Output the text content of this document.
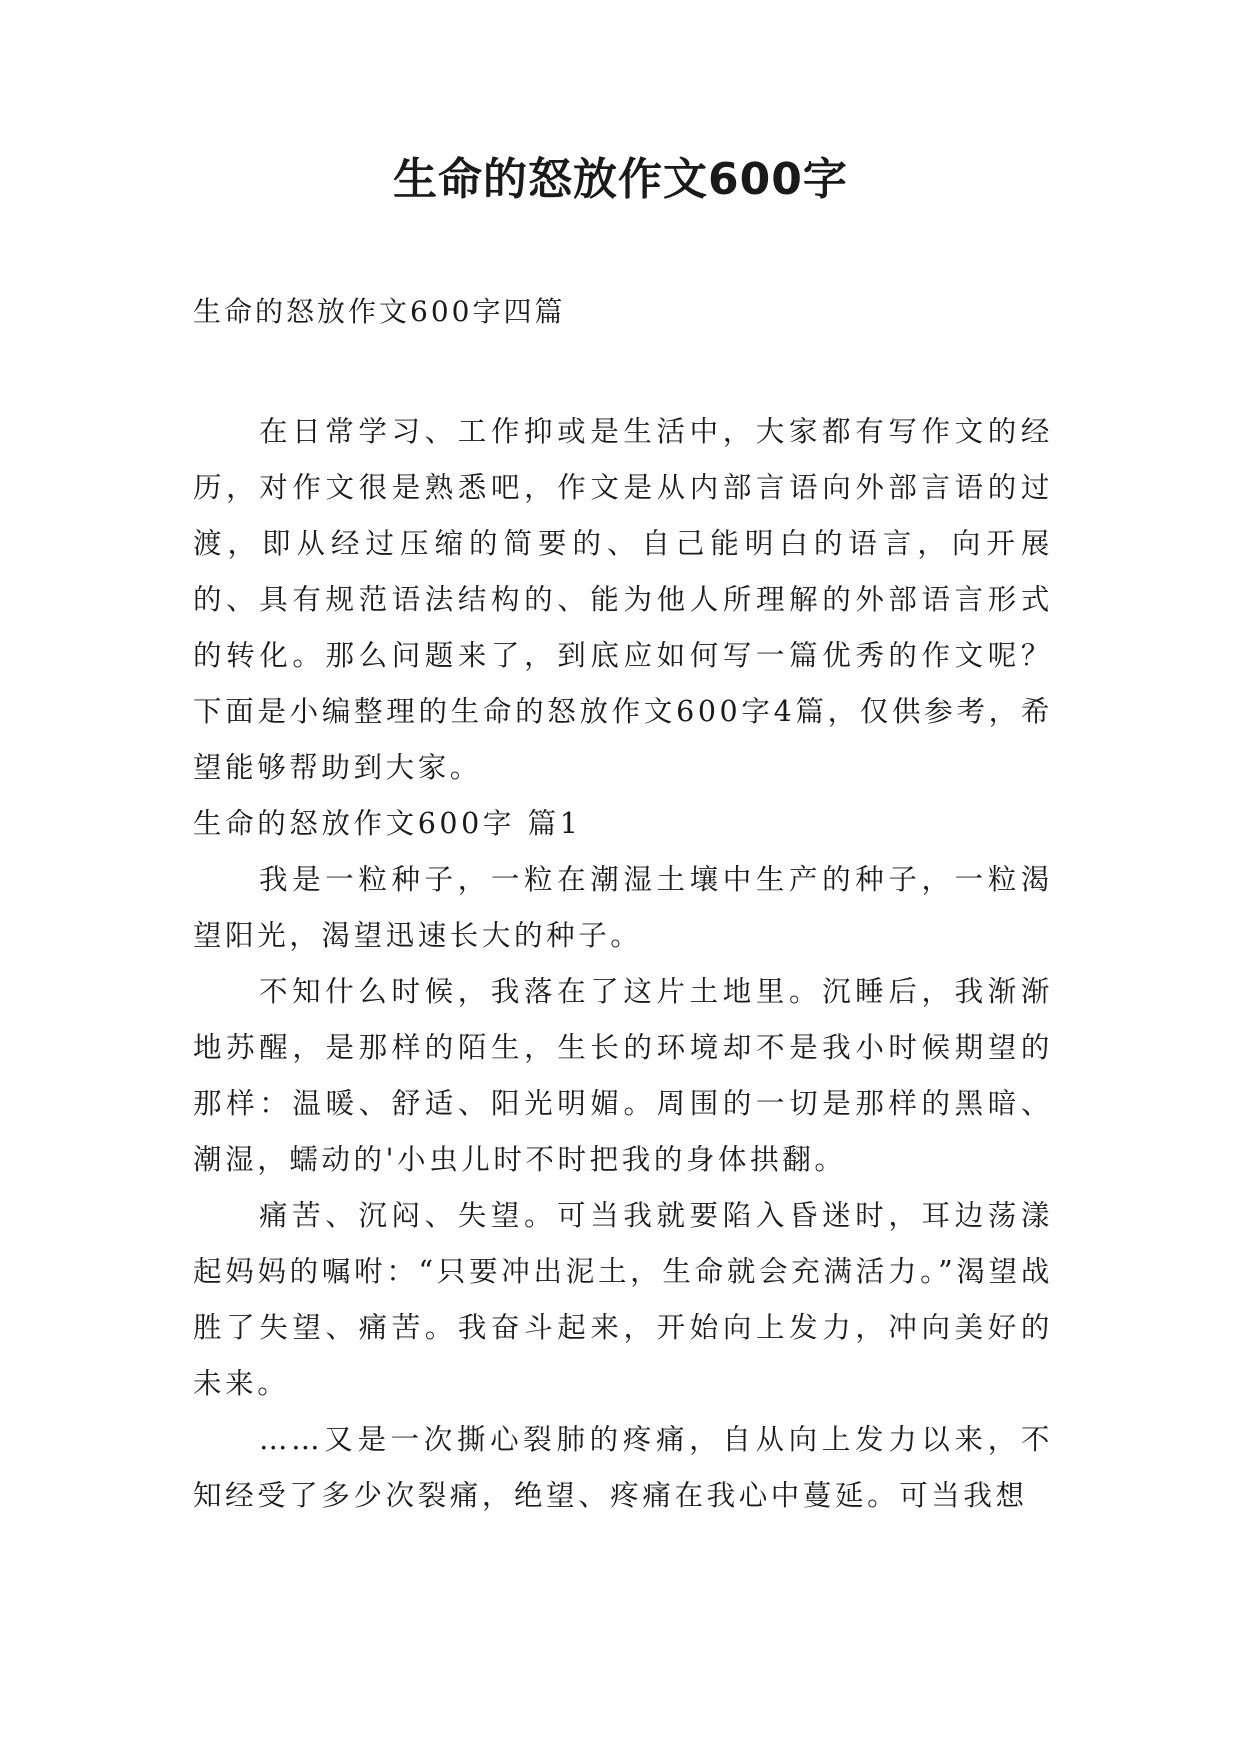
生命的怒放作文600字

生命的怒放作文600字四篇

在日常学习、工作抑或是生活中，大家都有写作文的经历，对作文很是熟悉吧，作文是从内部言语向外部言语的过渡，即从经过压缩的简要的、自己能明白的语言，向开展的、具有规范语法结构的、能为他人所理解的外部语言形式的转化。那么问题来了，到底应如何写一篇优秀的作文呢？下面是小编整理的生命的怒放作文600字4篇，仅供参考，希望能够帮助到大家。

生命的怒放作文600字 篇1

我是一粒种子，一粒在潮湿土壤中生产的种子，一粒渴望阳光，渴望迅速长大的种子。

不知什么时候，我落在了这片土地里。沉睡后，我渐渐地苏醒，是那样的陌生，生长的环境却不是我小时候期望的那样：温暖、舒适、阳光明媚。周围的一切是那样的黑暗、潮湿，蠕动的'小虫儿时不时把我的身体拱翻。

痛苦、沉闷、失望。可当我就要陷入昏迷时，耳边荡漾起妈妈的嘱咐：“只要冲出泥土，生命就会充满活力。”渴望战胜了失望、痛苦。我奋斗起来，开始向上发力，冲向美好的未来。

……又是一次撕心裂肺的疼痛，自从向上发力以来，不知经受了多少次裂痛，绝望、疼痛在我心中蔓延。可当我想
